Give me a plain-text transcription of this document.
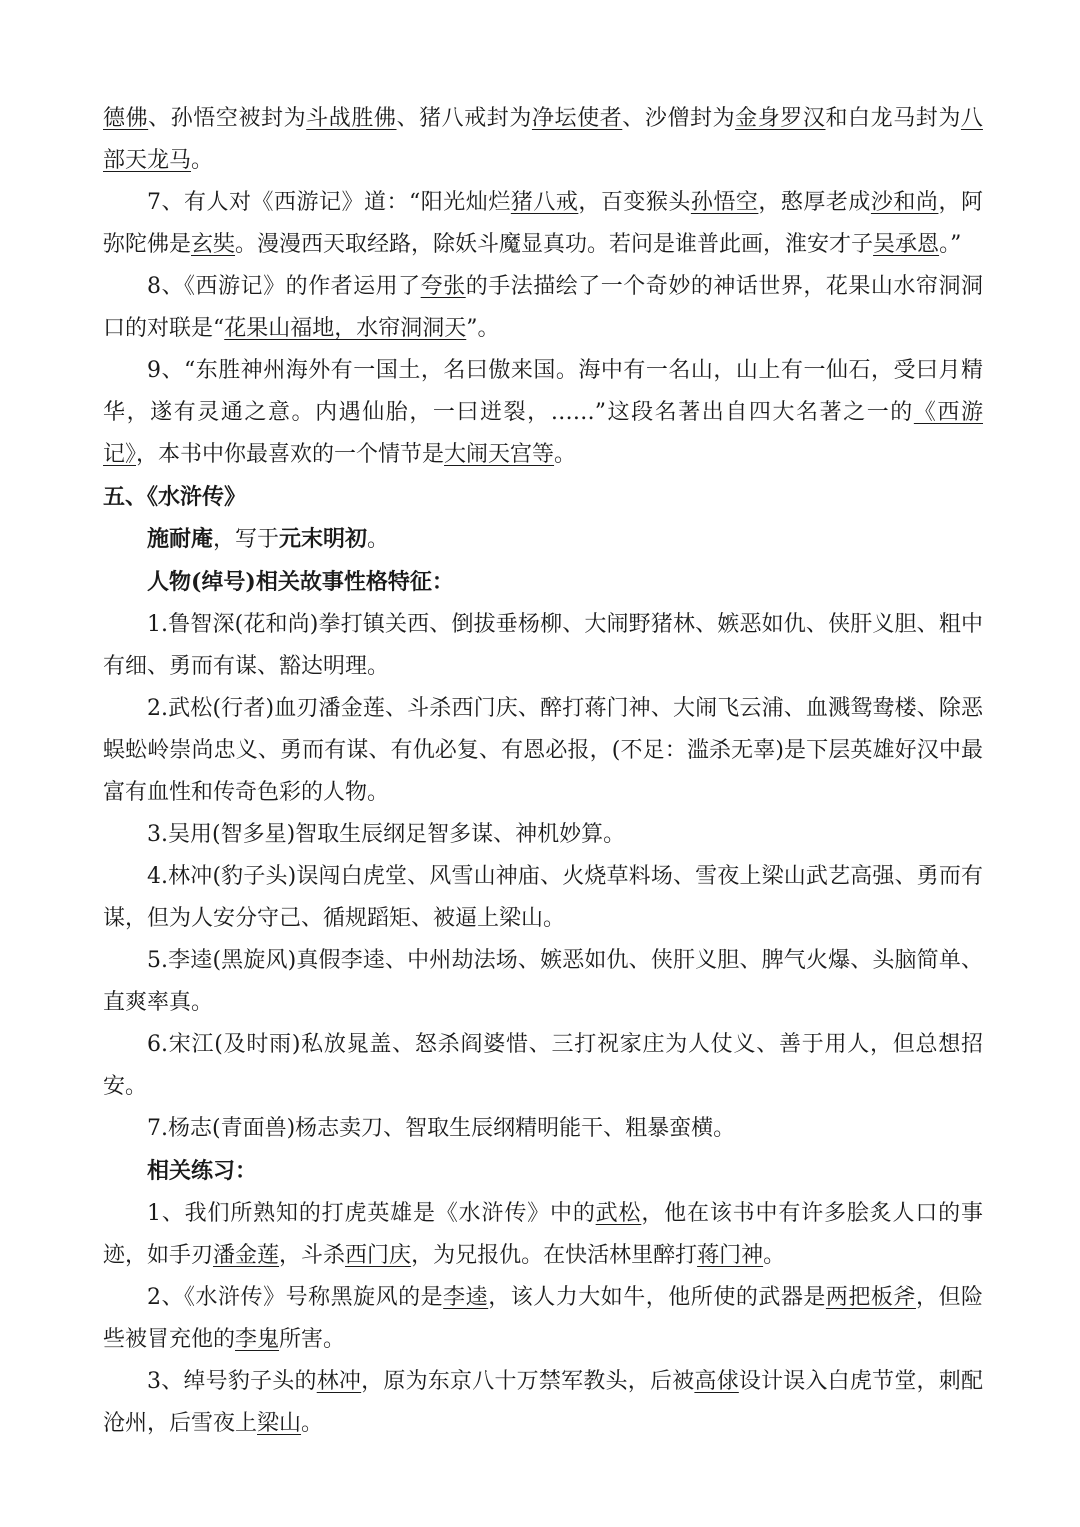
德佛、孙悟空被封为斗战胜佛、猪八戒封为净坛使者、沙僧封为金身罗汉和白龙马封为八部天龙马。

7、有人对《西游记》道：“阳光灿烂猪八戒，百变猴头孙悟空，憨厚老成沙和尚，阿弥陀佛是玄奘。漫漫西天取经路，除妖斗魔显真功。若问是谁普此画，淮安才子吴承恩。”

8、《西游记》的作者运用了夸张的手法描绘了一个奇妙的神话世界，花果山水帘洞洞口的对联是“花果山福地，水帘洞洞天”。

9、“东胜神州海外有一国土，名曰傲来国。海中有一名山，山上有一仙石，受曰月精华，遂有灵通之意。内遇仙胎，一曰迸裂，……”这段名著出自四大名著之一的《西游记》，本书中你最喜欢的一个情节是大闹天宫等。

五、《水浒传》

施耐庵，写于元末明初。

人物(绰号)相关故事性格特征：

1.鲁智深(花和尚)拳打镇关西、倒拔垂杨柳、大闹野猪林、嫉恶如仇、侠肝义胆、粗中有细、勇而有谋、豁达明理。

2.武松(行者)血刃潘金莲、斗杀西门庆、醉打蒋门神、大闹飞云浦、血溅鸳鸯楼、除恶蜈蚣岭崇尚忠义、勇而有谋、有仇必复、有恩必报，(不足：滥杀无辜)是下层英雄好汉中最富有血性和传奇色彩的人物。

3.吴用(智多星)智取生辰纲足智多谋、神机妙算。

4.林冲(豹子头)误闯白虎堂、风雪山神庙、火烧草料场、雪夜上梁山武艺高强、勇而有谋，但为人安分守己、循规蹈矩、被逼上梁山。

5.李逵(黑旋风)真假李逵、中州劫法场、嫉恶如仇、侠肝义胆、脾气火爆、头脑简单、直爽率真。

6.宋江(及时雨)私放晁盖、怒杀阎婆惜、三打祝家庄为人仗义、善于用人，但总想招安。

7.杨志(青面兽)杨志卖刀、智取生辰纲精明能干、粗暴蛮横。

相关练习：

1、我们所熟知的打虎英雄是《水浒传》中的武松，他在该书中有许多脍炙人口的事迹，如手刃潘金莲，斗杀西门庆，为兄报仇。在快活林里醉打蒋门神。

2、《水浒传》号称黑旋风的是李逵，该人力大如牛，他所使的武器是两把板斧，但险些被冒充他的李鬼所害。

3、绰号豹子头的林冲，原为东京八十万禁军教头，后被高俅设计误入白虎节堂，刺配沧州，后雪夜上梁山。
